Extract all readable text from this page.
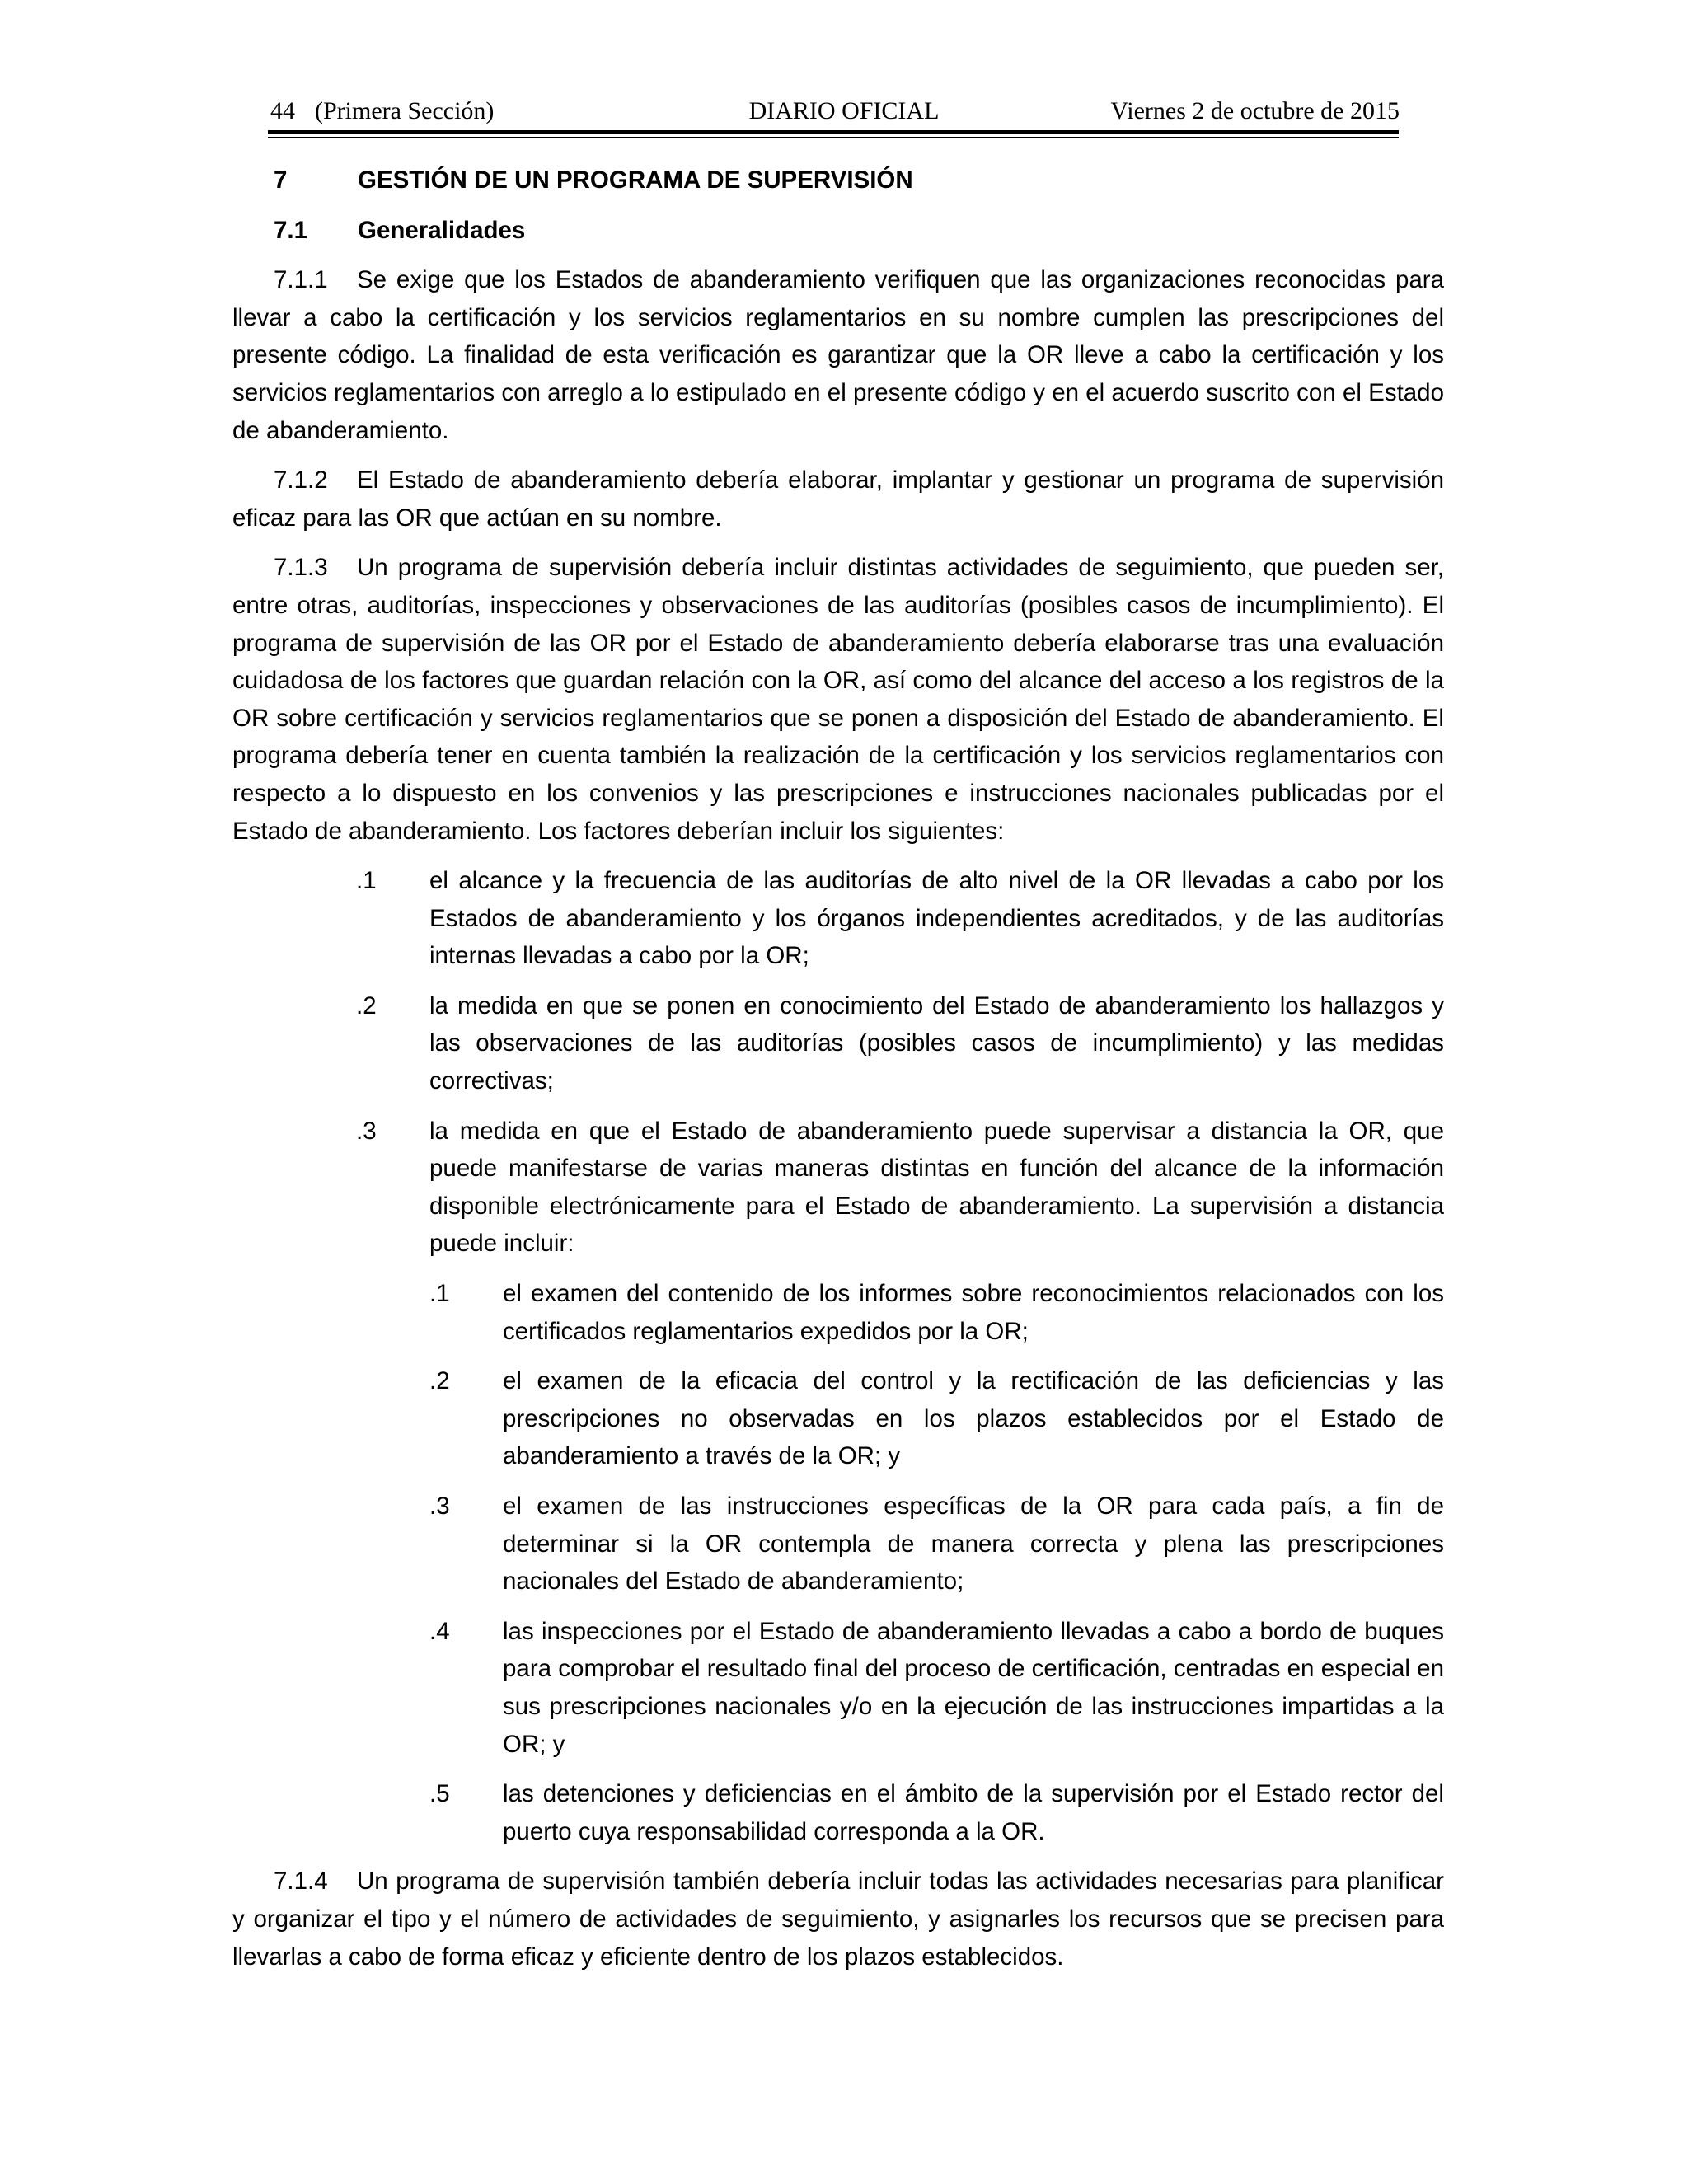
44 (Primera Sección)	DIARIO OFICIAL	Viernes 2 de octubre de 2015
7	GESTIÓN DE UN PROGRAMA DE SUPERVISIÓN
7.1	Generalidades

7.1.1 Se exige que los Estados de abanderamiento verifiquen que las organizaciones reconocidas para llevar a cabo la certificación y los servicios reglamentarios en su nombre cumplen las prescripciones del presente código. La finalidad de esta verificación es garantizar que la OR lleve a cabo la certificación y los servicios reglamentarios con arreglo a lo estipulado en el presente código y en el acuerdo suscrito con el Estado de abanderamiento.

7.1.2 El Estado de abanderamiento debería elaborar, implantar y gestionar un programa de supervisión eficaz para las OR que actúan en su nombre.

7.1.3 Un programa de supervisión debería incluir distintas actividades de seguimiento, que pueden ser, entre otras, auditorías, inspecciones y observaciones de las auditorías (posibles casos de incumplimiento). El programa de supervisión de las OR por el Estado de abanderamiento debería elaborarse tras una evaluación cuidadosa de los factores que guardan relación con la OR, así como del alcance del acceso a los registros de la OR sobre certificación y servicios reglamentarios que se ponen a disposición del Estado de abanderamiento. El programa debería tener en cuenta también la realización de la certificación y los servicios reglamentarios con respecto a lo dispuesto en los convenios y las prescripciones e instrucciones nacionales publicadas por el Estado de abanderamiento. Los factores deberían incluir los siguientes:

.1	el alcance y la frecuencia de las auditorías de alto nivel de la OR llevadas a cabo por los Estados de abanderamiento y los órganos independientes acreditados, y de las auditorías internas llevadas a cabo por la OR;
.2	la medida en que se ponen en conocimiento del Estado de abanderamiento los hallazgos y las observaciones de las auditorías (posibles casos de incumplimiento) y las medidas correctivas;
.3	la medida en que el Estado de abanderamiento puede supervisar a distancia la OR, que puede manifestarse de varias maneras distintas en función del alcance de la información disponible electrónicamente para el Estado de abanderamiento. La supervisión a distancia puede incluir:
.1	el examen del contenido de los informes sobre reconocimientos relacionados con los certificados reglamentarios expedidos por la OR;
.2	el examen de la eficacia del control y la rectificación de las deficiencias y las prescripciones no observadas en los plazos establecidos por el Estado de abanderamiento a través de la OR; y
.3	el examen de las instrucciones específicas de la OR para cada país, a fin de determinar si la OR contempla de manera correcta y plena las prescripciones nacionales del Estado de abanderamiento;
.4	las inspecciones por el Estado de abanderamiento llevadas a cabo a bordo de buques para comprobar el resultado final del proceso de certificación, centradas en especial en sus prescripciones nacionales y/o en la ejecución de las instrucciones impartidas a la OR; y
.5	las detenciones y deficiencias en el ámbito de la supervisión por el Estado rector del puerto cuya responsabilidad corresponda a la OR.

7.1.4 Un programa de supervisión también debería incluir todas las actividades necesarias para planificar y organizar el tipo y el número de actividades de seguimiento, y asignarles los recursos que se precisen para llevarlas a cabo de forma eficaz y eficiente dentro de los plazos establecidos.
